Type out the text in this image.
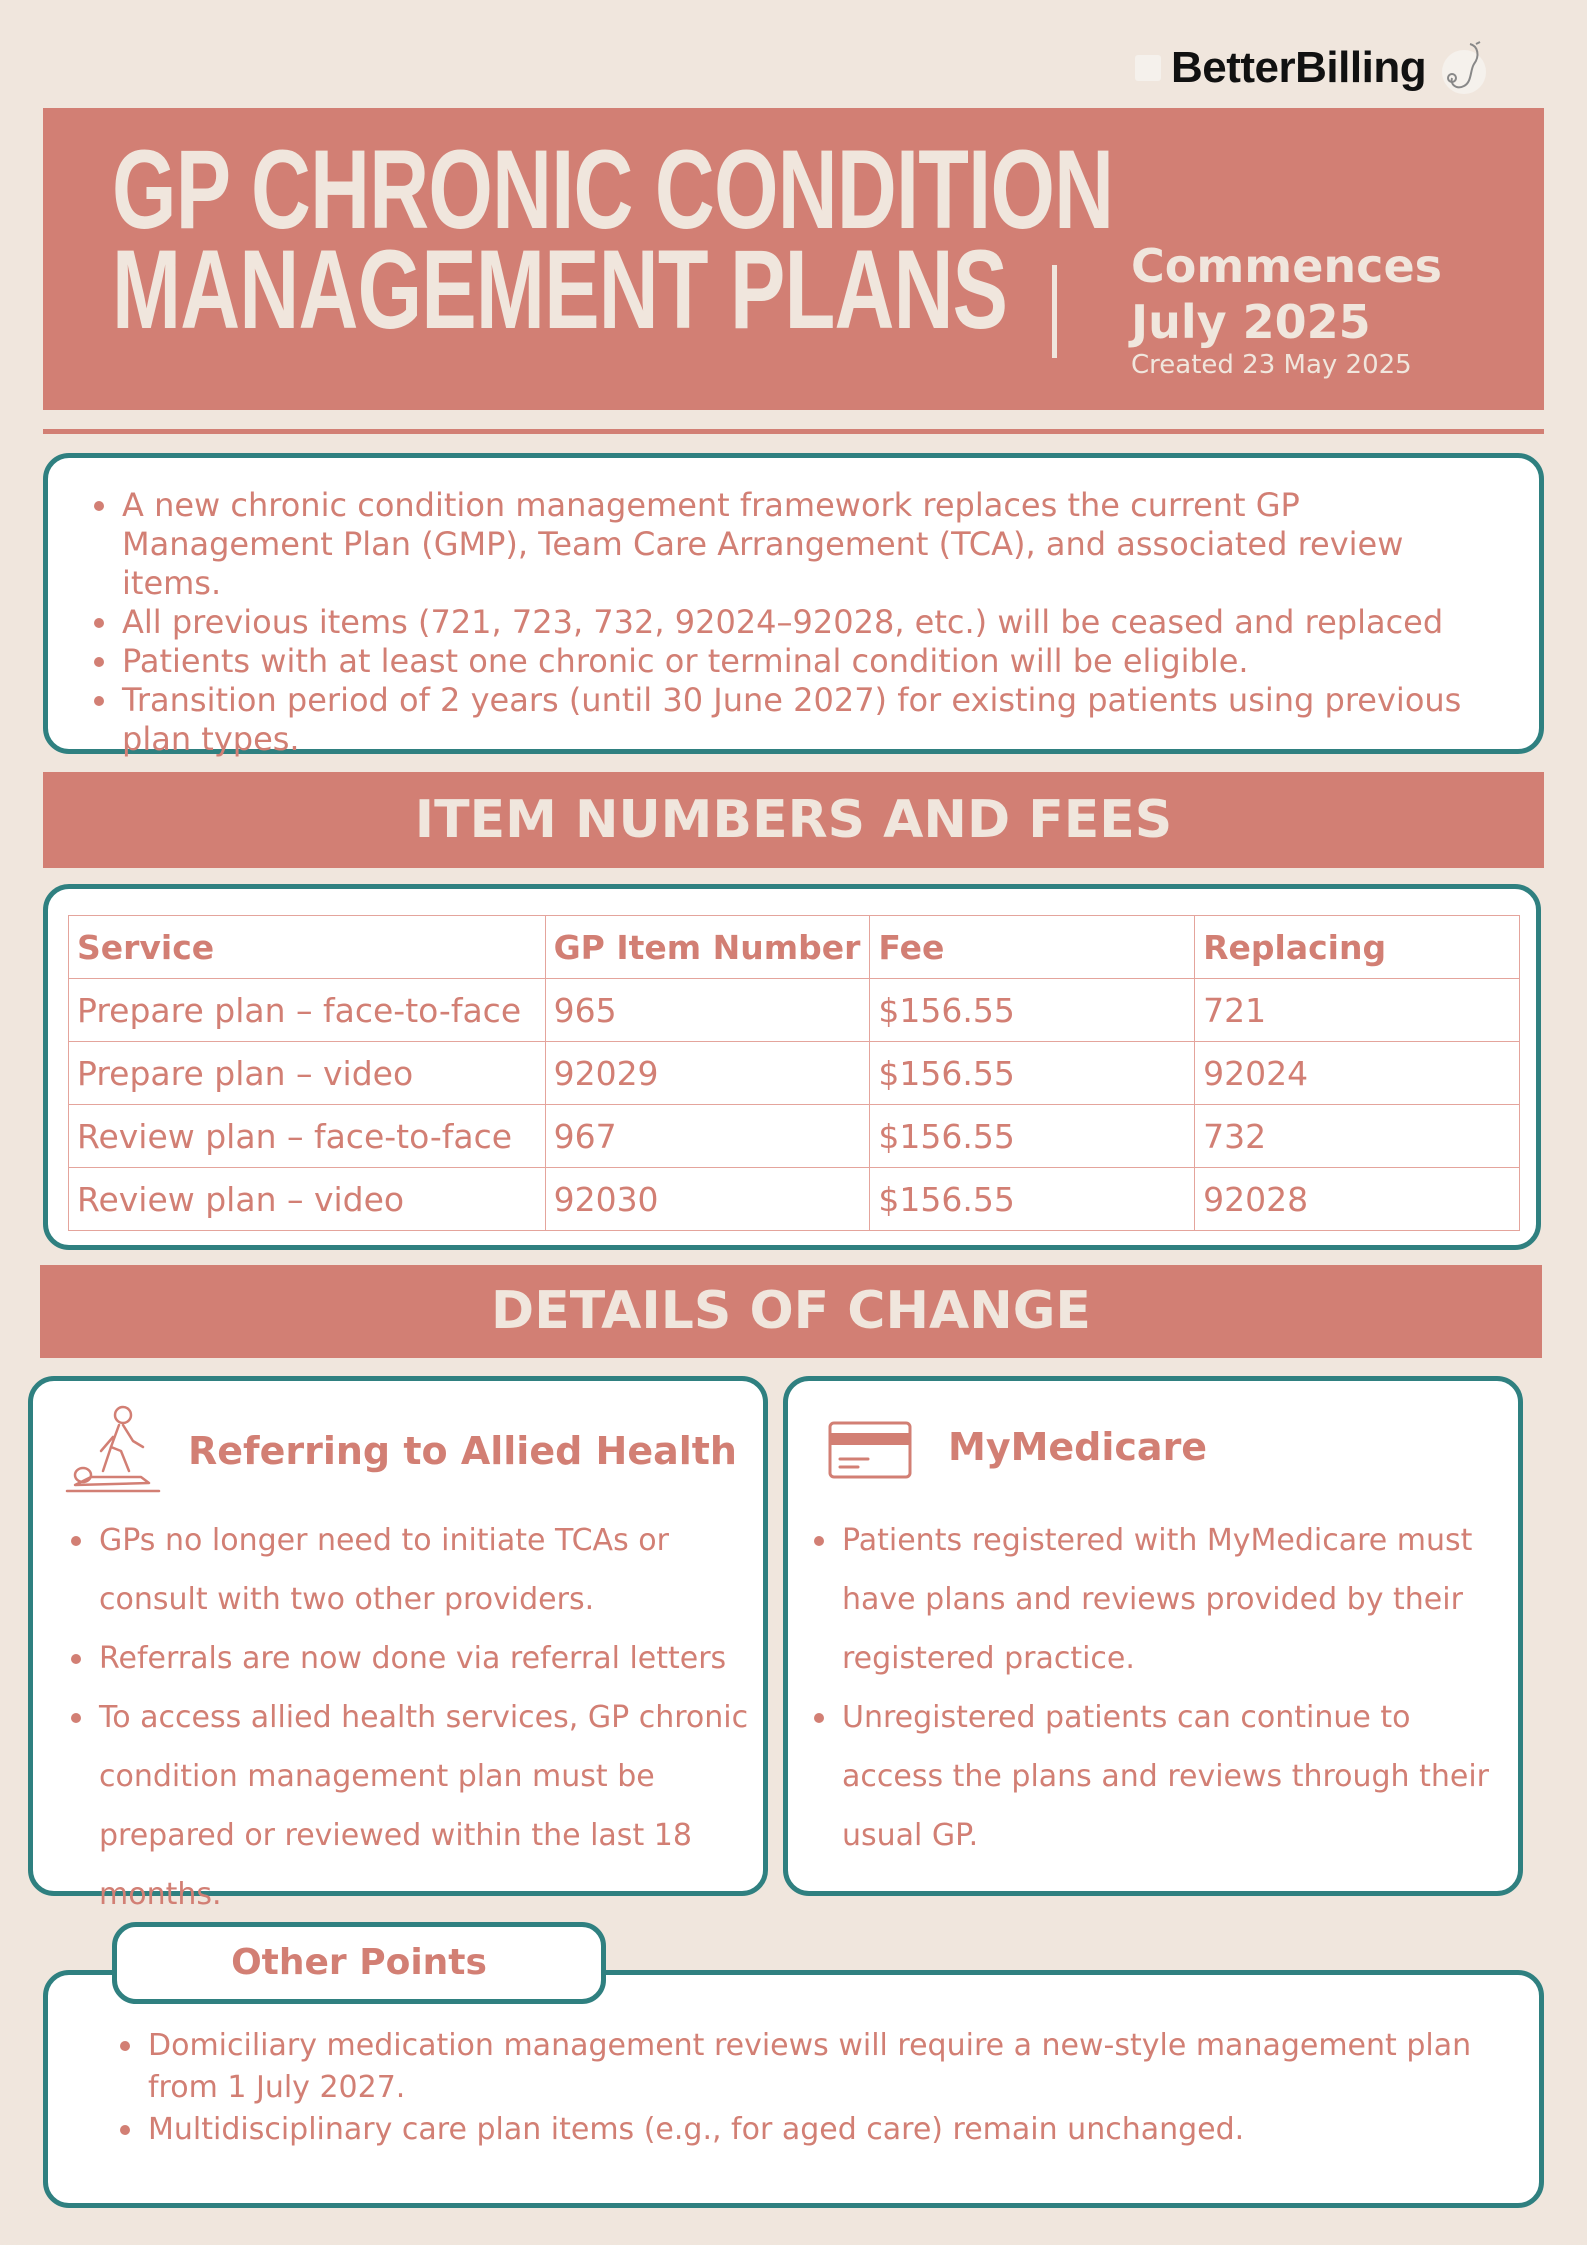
BetterBilling
GP CHRONIC CONDITION
MANAGEMENT PLANS	Commences
July 2025
Created 23 May 2025
A new chronic condition management framework replaces the current GP Management Plan (GMP), Team Care Arrangement (TCA), and associated review items.
All previous items (721, 723, 732, 92024–92028, etc.) will be ceased and replaced
Patients with at least one chronic or terminal condition will be eligible.
Transition period of 2 years (until 30 June 2027) for existing patients using previous plan types.
ITEM NUMBERS AND FEES
Service	GP Item Number	Fee	Replacing
Prepare plan – face-to-face	965	$156.55	721
Prepare plan – video	92029	$156.55	92024
Review plan – face-to-face	967	$156.55	732
Review plan – video	92030	$156.55	92028
DETAILS OF CHANGE
Referring to Allied Health
GPs no longer need to initiate TCAs or consult with two other providers.
Referrals are now done via referral letters
To access allied health services, GP chronic condition management plan must be prepared or reviewed within the last 18 months.
MyMedicare
Patients registered with MyMedicare must have plans and reviews provided by their registered practice.
Unregistered patients can continue to access the plans and reviews through their usual GP.
Domiciliary medication management reviews will require a new-style management plan from 1 July 2027.
Multidisciplinary care plan items (e.g., for aged care) remain unchanged.
Other Points
